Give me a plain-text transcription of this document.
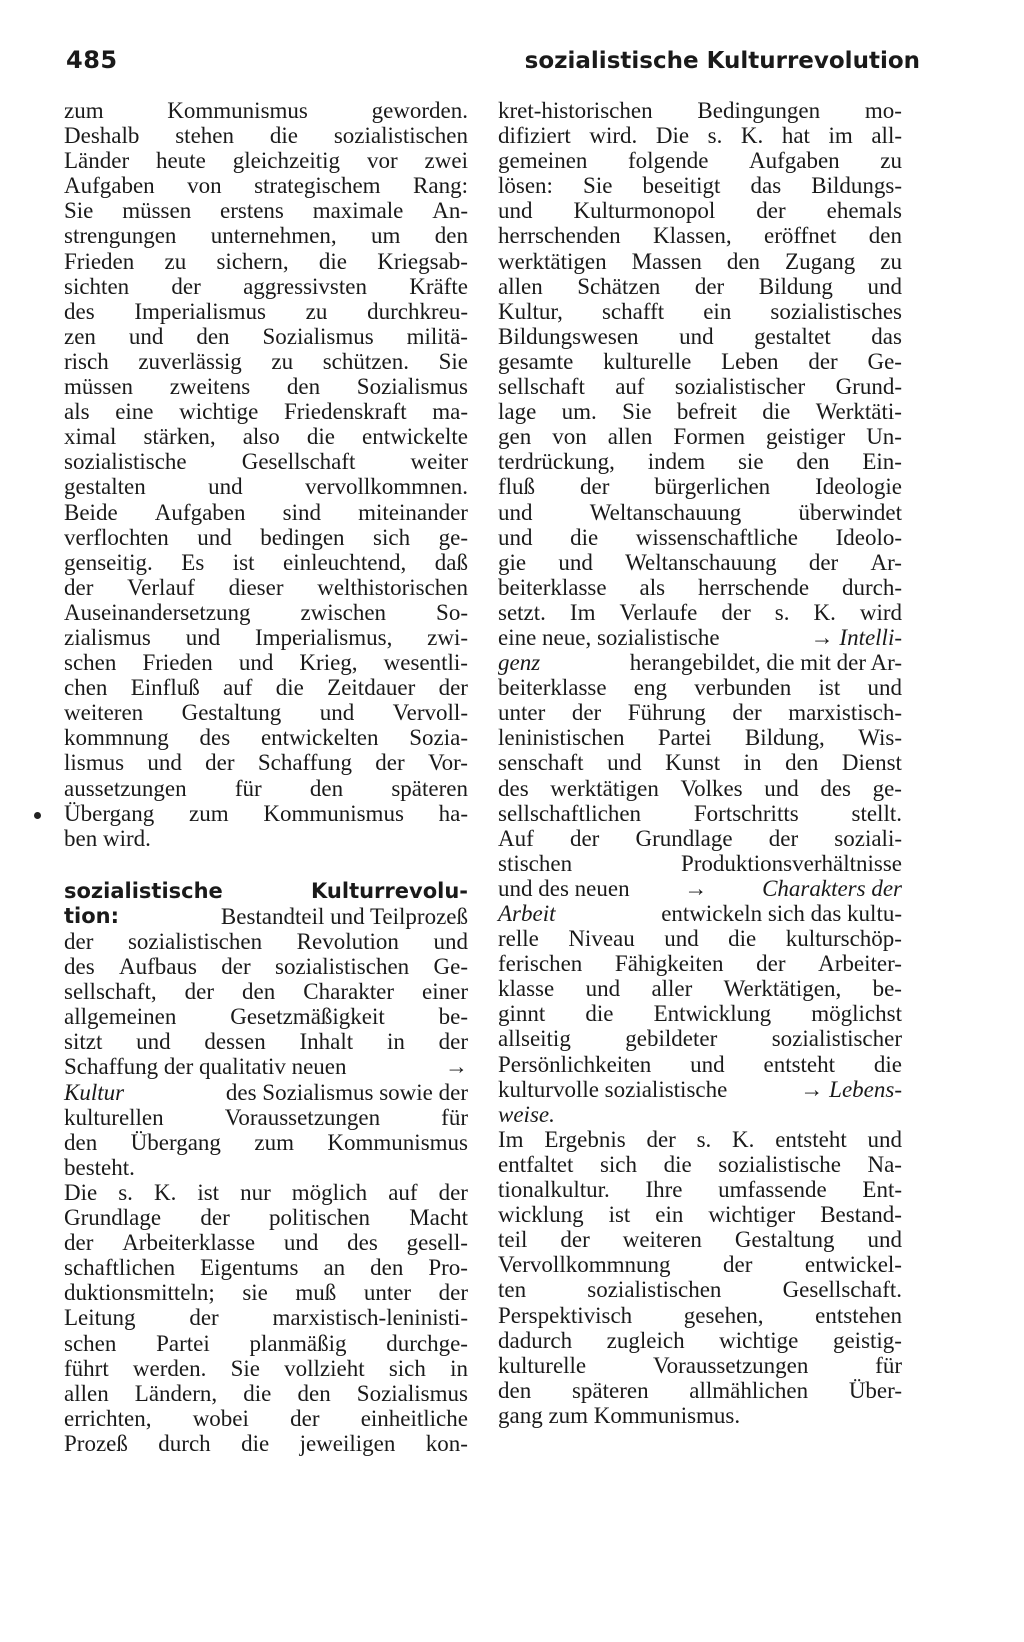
485	sozialistische Kulturrevolution
zum	Kommunismus	geworden.
Deshalb stehen die sozialistischen
Länder heute gleichzeitig vor zwei
Aufgaben von strategischem Rang:
Sie müssen erstens maximale An-
strengungen unternehmen, um den
Frieden zu sichern, die Kriegsab-
sichten der aggressivsten Kräfte
des Imperialismus zu durchkreu-
zen und den Sozialismus militä-
risch zuverlässig zu schützen. Sie
müssen zweitens den Sozialismus
als eine wichtige Friedenskraft ma-
ximal stärken, also die entwickelte
sozialistische Gesellschaft weiter
gestalten	und	vervollkommnen.
Beide Aufgaben sind miteinander
verflochten und bedingen sich ge-
genseitig. Es ist einleuchtend, daß
der Verlauf dieser welthistorischen
Auseinandersetzung zwischen So-
zialismus und Imperialismus, zwi-
schen Frieden und Krieg, wesentli-
chen Einfluß auf die Zeitdauer der
weiteren Gestaltung und Vervoll-
kommnung des entwickelten Sozia-
lismus und der Schaffung der Vor-
aussetzungen für den späteren
Übergang zum Kommunismus ha-
ben wird.
sozialistische	Kulturrevolu-
tion:	Bestandteil und Teilprozeß
der sozialistischen Revolution und
des Aufbaus der sozialistischen Ge-
sellschaft, der den Charakter einer
allgemeinen Gesetzmäßigkeit be-
sitzt und dessen Inhalt in der
Schaffung der qualitativ neuen	→
Kultur	des Sozialismus sowie der
kulturellen	Voraussetzungen	für
den Übergang zum Kommunismus
besteht.
Die s. K. ist nur möglich auf der
Grundlage der politischen Macht
der Arbeiterklasse und des gesell-
schaftlichen Eigentums an den Pro-
duktionsmitteln; sie muß unter der
Leitung der marxistisch-leninisti-
schen Partei planmäßig durchge-
führt werden. Sie vollzieht sich in
allen Ländern, die den Sozialismus
errichten, wobei der einheitliche
Prozeß durch die jeweiligen kon-
kret-historischen Bedingungen mo-
difiziert wird. Die s. K. hat im all-
gemeinen folgende Aufgaben zu
lösen: Sie beseitigt das Bildungs-
und Kulturmonopol der ehemals
herrschenden Klassen, eröffnet den
werktätigen Massen den Zugang zu
allen Schätzen der Bildung und
Kultur, schafft ein sozialistisches
Bildungswesen und gestaltet das
gesamte kulturelle Leben der Ge-
sellschaft auf sozialistischer Grund-
lage um. Sie befreit die Werktäti-
gen von allen Formen geistiger Un-
terdrückung, indem sie den Ein-
fluß der bürgerlichen Ideologie
und Weltanschauung überwindet
und die wissenschaftliche Ideolo-
gie und Weltanschauung der Ar-
beiterklasse als herrschende durch-
setzt. Im Verlaufe der s. K. wird
eine neue, sozialistische	→ Intelli-
genz	herangebildet, die mit der Ar-
beiterklasse eng verbunden ist und
unter der Führung der marxistisch-
leninistischen Partei Bildung, Wis-
senschaft und Kunst in den Dienst
des werktätigen Volkes und des ge-
sellschaftlichen Fortschritts stellt.
Auf der Grundlage der soziali-
stischen	Produktionsverhältnisse
und des neuen → Charakters der
Arbeit	entwickeln sich das kultu-
relle Niveau und die kulturschöp-
ferischen Fähigkeiten der Arbeiter-
klasse und aller Werktätigen, be-
ginnt die Entwicklung möglichst
allseitig gebildeter sozialistischer
Persönlichkeiten und entsteht die
kulturvolle sozialistische	→ Lebens-
weise.
Im Ergebnis der s. K. entsteht und
entfaltet sich die sozialistische Na-
tionalkultur. Ihre umfassende Ent-
wicklung ist ein wichtiger Bestand-
teil der weiteren Gestaltung und
Vervollkommnung der entwickel-
ten	sozialistischen	Gesellschaft.
Perspektivisch gesehen, entstehen
dadurch zugleich wichtige geistig-
kulturelle	Voraussetzungen	für
den späteren allmählichen Über-
gang zum Kommunismus.
